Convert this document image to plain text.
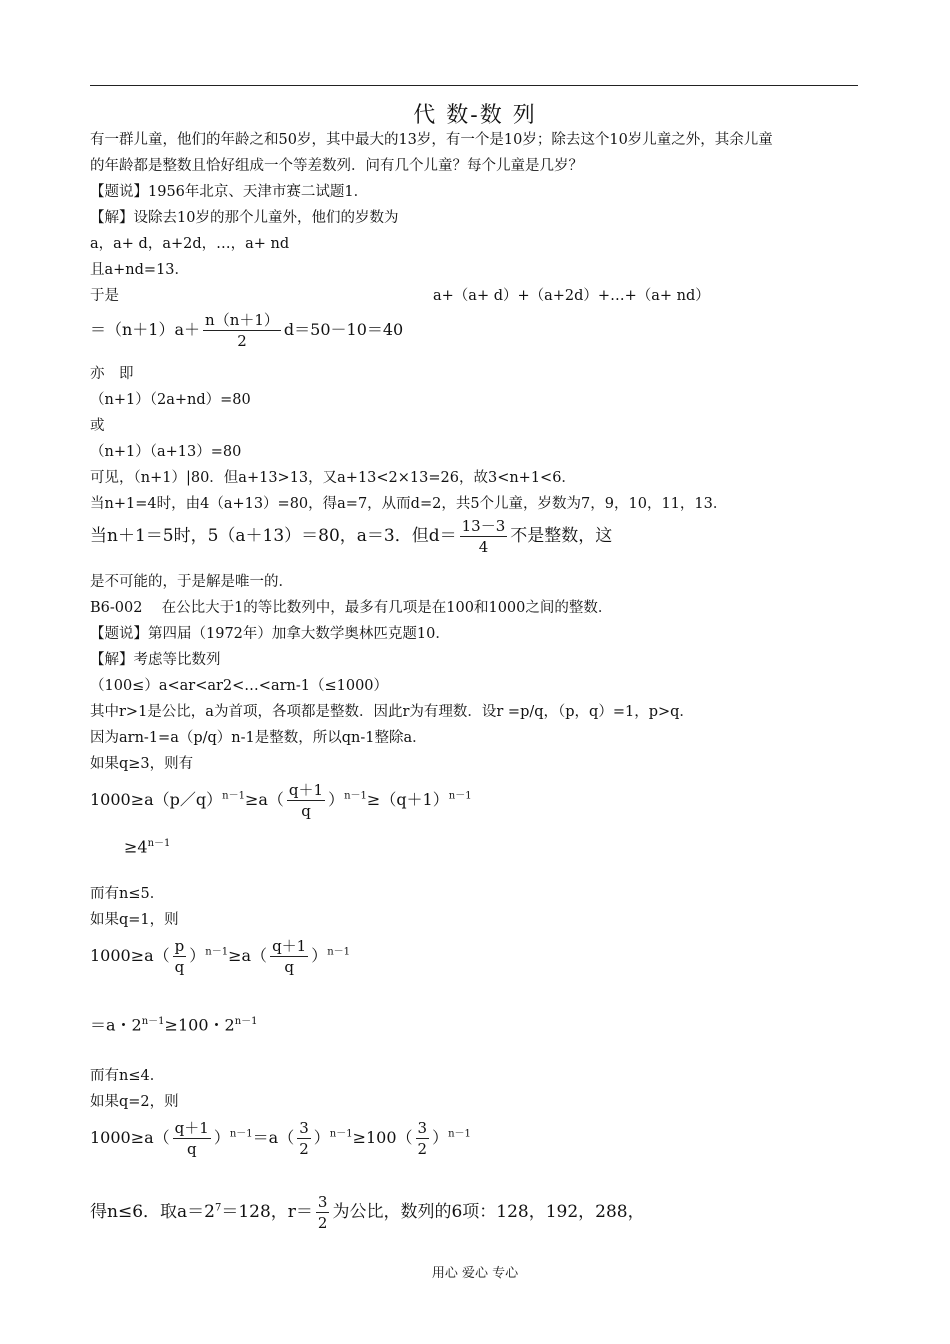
代 数-数 列
有一群儿童，他们的年龄之和50岁，其中最大的13岁，有一个是10岁；除去这个10岁儿童之外，其余儿童
的年龄都是整数且恰好组成一个等差数列．问有几个儿童？每个儿童是几岁？
【题说】1956年北京、天津市赛二试题1．
【解】设除去10岁的那个儿童外，他们的岁数为
a，a+ d，a+2d，…，a+ nd
且a+nd=13．
于是	a+（a+ d）+（a+2d）+…+（a+ nd）
$=(n+1)a+ \frac{n(n+1)}{2} d=50-10=40$
亦　即
（n+1）（2a+nd）=80
或
（n+1）（a+13）=80
可见，（n+1）|80．但a+13>13，又a+13<2×13=26，故3<n+1<6．
当n+1=4时，由4（a+13）=80，得a=7，从而d=2，共5个儿童，岁数为7，9，10，11，13．
当n＋1＝5时，5（a＋13）＝80，a＝3．但$d= \frac{13-3}{4}$ 不是整数，这
是不可能的，于是解是唯一的．
B6-002　 在公比大于1的等比数列中，最多有几项是在100和1000之间的整数．
【题说】第四届（1972年）加拿大数学奥林匹克题10．
【解】考虑等比数列
（100≤）a<ar<ar2<…<arn-1（≤1000）
其中r>1是公比，a为首项，各项都是整数．因此r为有理数．设r =p/q，（p，q）=1，p>q．
因为arn-1=a（p/q）n-1是整数，所以qn-1整除a．
如果q≥3，则有
1000≥a（p／q）$^{n-1}$≥a（ $\frac{q+1}{q} )^{n-1}\ge(q+1)^{n-1}$
$\ge 4^{n-1}$
而有n≤5．
如果q=1，则
$1000\ge a( \frac{p}{q} )^{n-1}\ge a( \frac{q+1}{q} )^{n-1}$
＝a・$2^{n-1}\ge 100$・$2^{n-1}$
而有n≤4．
如果q=2，则
$1000\ge a( \frac{q+1}{q} )^{n-1}=a( \frac{3}{2} )^{n-1}\ge 100( \frac{3}{2} )^{n-1}$
得n≤6．取$a=2^7=128$，$r= \frac{3}{2}$ 为公比，数列的6项：128，192，288，
用心 爱心 专心
